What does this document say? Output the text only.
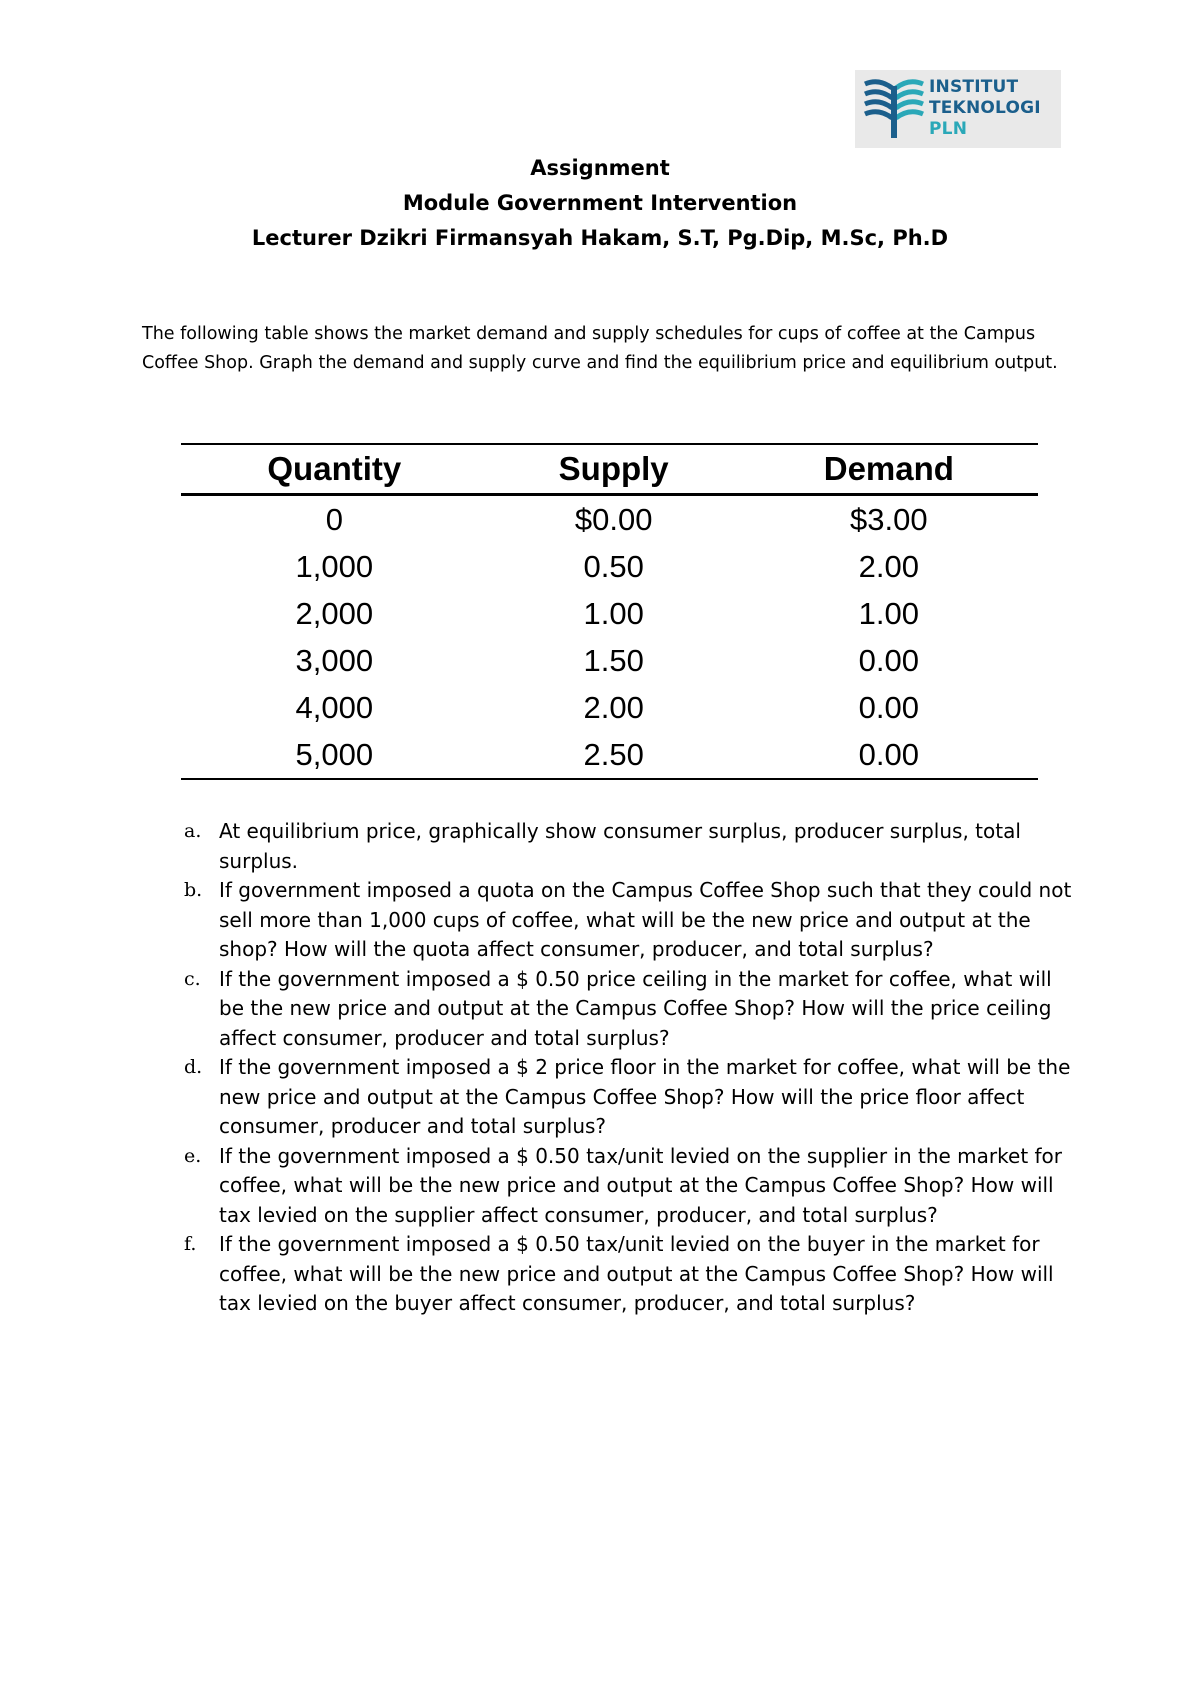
INSTITUT
TEKNOLOGI
PLN
Assignment
Module Government Intervention
Lecturer Dzikri Firmansyah Hakam, S.T, Pg.Dip, M.Sc, Ph.D

The following table shows the market demand and supply schedules for cups of coffee at the Campus Coffee Shop. Graph the demand and supply curve and find the equilibrium price and equilibrium output.

Quantity	Supply	Demand
0	$0.00	$3.00
1,000	0.50	2.00
2,000	1.00	1.00
3,000	1.50	0.00
4,000	2.00	0.00
5,000	2.50	0.00
a. At equilibrium price, graphically show consumer surplus, producer surplus, total surplus.
b. If government imposed a quota on the Campus Coffee Shop such that they could not sell more than 1,000 cups of coffee, what will be the new price and output at the shop? How will the quota affect consumer, producer, and total surplus?
c. If the government imposed a $ 0.50 price ceiling in the market for coffee, what will be the new price and output at the Campus Coffee Shop? How will the price ceiling affect consumer, producer and total surplus?
d. If the government imposed a $ 2 price floor in the market for coffee, what will be the new price and output at the Campus Coffee Shop? How will the price floor affect consumer, producer and total surplus?
e. If the government imposed a $ 0.50 tax/unit levied on the supplier in the market for coffee, what will be the new price and output at the Campus Coffee Shop? How will tax levied on the supplier affect consumer, producer, and total surplus?
f. If the government imposed a $ 0.50 tax/unit levied on the buyer in the market for coffee, what will be the new price and output at the Campus Coffee Shop? How will tax levied on the buyer affect consumer, producer, and total surplus?
